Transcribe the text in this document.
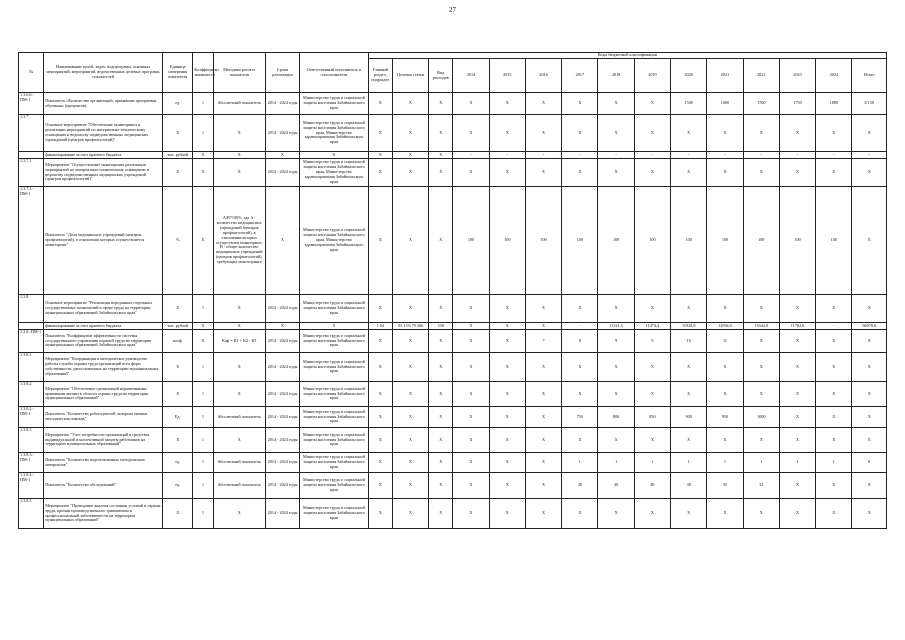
27
№	Наименование целей, задач, подпрограмм, основных мероприятий, мероприятий, ведомственных целевых программ, показателей	Единица измерения показателя	Коэффициент значимости	Методика расчета показателя	Сроки реализации	Ответственный исполнитель и соисполнители	Коды бюджетной классификации														
							Главный раздел, подраздел	Целевая статья	Вид расходов	2014	2015	2016	2017	2018	2019	2020	2021	2022	2023	2024	Итого
1.3.6.6.-ПМ-1	Показатель «Количество организаций, принявших программы обучения» (процентов)	ед.	1	Абсолютный показатель	2014 - 2024 годы	Министерство труда и социальной защиты населения Забайкальского края	X	X	X	X	X	X	X	X	X	1500	1600	1700	1750	1800	8 150
1.3.7	Основное мероприятие "Обеспечение мониторинга и реализации мероприятий по материально-техническому оснащению и ведомству подведомственных медицинских учреждений (центров профпатологий)"	X	1	X	2014 - 2024 годы	Министерство труда и социальной защиты населения Забайкальского края, Министерство здравоохранения Забайкальского края	X	X	X	X	X	X	X	X	X	X	X	X	X	X	X
	финансирование за счет краевого бюджета	тыс. рублей	X	X	X	X	X	X	X	-	-	-	-	-	-	-	-	-	-	-	-
1.3.7.1.	Мероприятие "Осуществление мониторинга реализации мероприятий по материально-техническому оснащению и ведомству подведомственных медицинских учреждений (центров профпатологий)"	X	X	X	2014 - 2024 годы	Министерство труда и социальной защиты населения Забайкальского края, Министерство здравоохранения Забайкальского края	X	X	X	X	X	X	X	X	X	X	X	X	X	X	X
1.3.7.1.-ПМ-1	Показатель "Доля медицинских учреждений (центров профпатологий), в отношении которых осуществляется мониторинг"	%	X	A/B*100%, где A - количество медицинских учреждений (центров профпатологий), в отношении которых осуществлен мониторинг; B - общее количество медицинских учреждений (центров профпатологий), требующих мониторинга	X	Министерство труда и социальной защиты населения Забайкальского края, Министерство здравоохранения Забайкальского края	X	X	X	100	100	100	100	100	100	100	100	100	100	100	X
1.3.8	Основное мероприятие "Реализация переданных отдельных государственных полномочий в сфере труда на территории муниципальных образований Забайкальского края"	X	1	X	2014 - 2024 годы	Министерство труда и социальной защиты населения Забайкальского края	X	X	X	X	X	X	X	X	X	X	X	X	X	X	X
	финансирование за счет краевого бюджета	тыс. рублей	X	X	X	X	1 04	03 1 03 79 206	530	X	X	X	-	11321,5	11474,4	11928,8	12094,6	11644,0	11782,6	-	96078,6
1.3.8.-ПМ-1	Показатель "Коэффициент эффективности системы государственного управления охраной труда на территории муниципальных образований Забайкальского края"	коэф.	X	Кэф = К1 + К2 - К3	2014 - 2024 годы	Министерство труда и социальной защиты населения Забайкальского края	X	X	X	X	X	7	8	9	9	10	11	X	X	X	X
1.3.8.1	Мероприятие "Координация и методическое руководство работы службы охраны труда организаций всех форм собственности, расположенных на территории муниципальных образований"	X	1	X	2014 - 2024 годы	Министерство труда и социальной защиты населения Забайкальского края	X	X	X	X	X	X	X	X	X	X	X	X	X	X	X
1.3.8.2	Мероприятие "Обеспечение организаций нормативными правовыми актами в области охраны труда на территории муниципальных образований"	X	1	X	2014 - 2024 годы	Министерство труда и социальной защиты населения Забайкальского края	X	X	X	X	X	X	X	X	X	X	X	X	X	X	X
1.3.8.2.-ПМ-1	Показатель "Количество работодателей, которым оказана методическая помощь"	Ед.	1	Абсолютный показатель	2014 - 2024 годы	Министерство труда и социальной защиты населения Забайкальского края	X	X	X	X	X	X	750	800	850	900	950	1000	X	X	X
1.3.8.3	Мероприятие "Учет потребности организаций в средствах индивидуальной и коллективной защиты работников на территории муниципальных образований"	X	1	X	2014 - 2024 годы	Министерство труда и социальной защиты населения Забайкальского края	X	X	X	X	X	X	X	X	X	X	X	X	X	X	X
1.3.8.3.-ПМ-1	Показатель "Количество подготовленных методических материалов"	ед.	1	Абсолютный показатель	2014 - 2024 годы	Министерство труда и социальной защиты населения Забайкальского края	X	X	X	X	X	X	1	1	1	1	1	1	1	1	8
1.3.8.4.-ПМ-1	Показатель "Количество обследований"	ед.	1	Абсолютный показатель	2014 - 2024 годы	Министерство труда и социальной защиты населения Забайкальского края	X	X	X	X	X	X	40	40	40	38	35	32	X	X	X
1.3.8.5	Мероприятие "Проведение анализа состояния условий и охраны труда, причин производственного травматизма и профессиональной заболеваемости на территории муниципальных образований"	X	1	X	2014 - 2024 годы	Министерство труда и социальной защиты населения Забайкальского края	X	X	X	X	X	X	X	X	X	X	X	X	X	X	X
